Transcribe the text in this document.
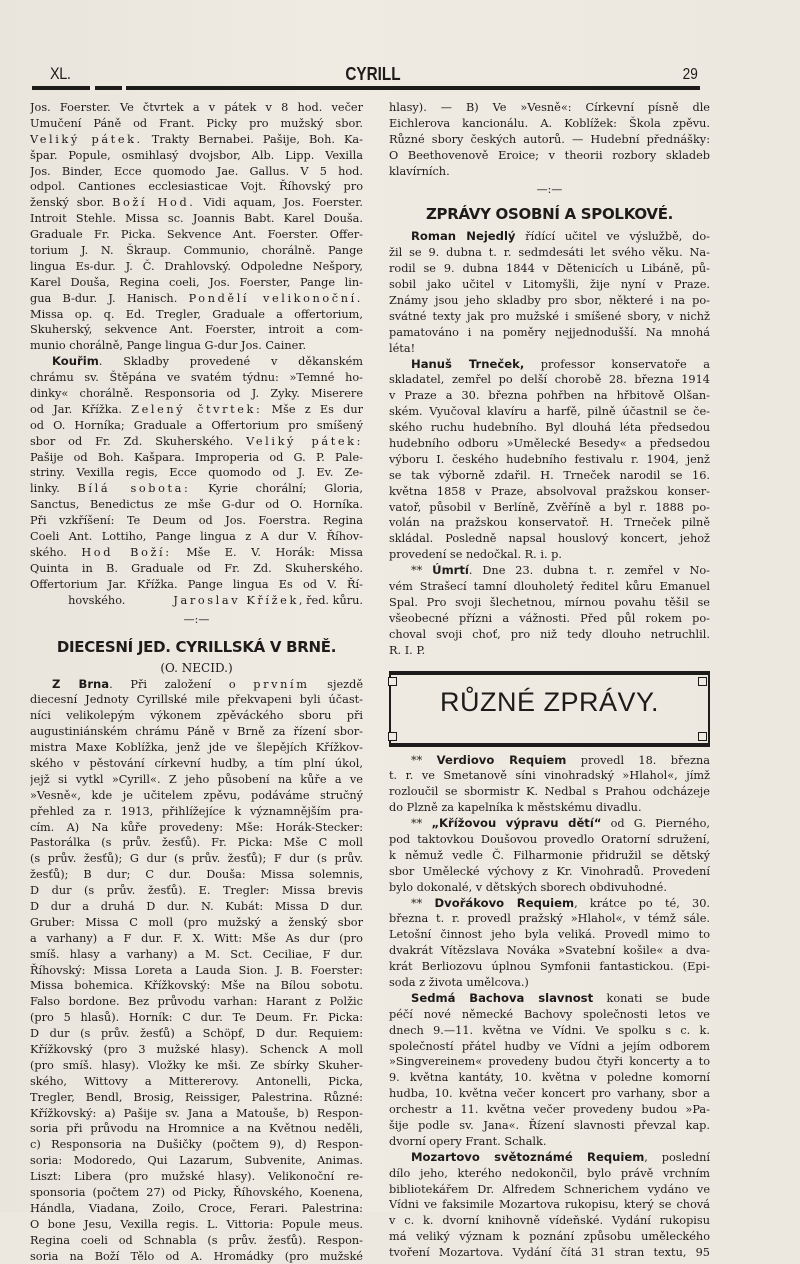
XL.	CYRILL	29
Jos. Foerster. Ve čtvrtek a v pátek v 8 hod. večer
Umučení Páně od Frant. Picky pro mužský sbor.
Veliký pátek. Trakty Bernabei. Pašije, Boh. Ka-
špar. Popule, osmihlasý dvojsbor, Alb. Lipp. Vexilla
Jos. Binder, Ecce quomodo Jae. Gallus. V 5 hod.
odpol. Cantiones ecclesiasticae Vojt. Říhovský pro
ženský sbor. Boží Hod. Vidi aquam, Jos. Foerster.
Introit Stehle. Missa sc. Joannis Babt. Karel Douša.
Graduale Fr. Picka. Sekvence Ant. Foerster. Offer-
torium J. N. Škraup. Communio, chorálně. Pange
lingua Es-dur. J. Č. Drahlovský. Odpoledne Nešpory,
Karel Douša, Regina coeli, Jos. Foerster, Pange lin-
gua B-dur. J. Hanisch. Pondělí velikonoční.
Missa op. q. Ed. Tregler, Graduale a offertorium,
Skuherský, sekvence Ant. Foerster, introit a com-
munio chorálně, Pange lingua G-dur Jos. Cainer.
Kouřim. Skladby provedené v děkanském
chrámu sv. Štěpána ve svatém týdnu: »Temné ho-
dinky« chorálně. Responsoria od J. Zyky. Miserere
od Jar. Křížka. Zelený čtvrtek: Mše z Es dur
od O. Horníka; Graduale a Offertorium pro smíšený
sbor od Fr. Zd. Skuherského. Veliký pátek:
Pašije od Boh. Kašpara. Improperia od G. P. Pale-
striny. Vexilla regis, Ecce quomodo od J. Ev. Ze-
linky. Bílá sobota: Kyrie chorální; Gloria,
Sanctus, Benedictus ze mše G-dur od O. Horníka.
Při vzkříšení: Te Deum od Jos. Foerstra. Regina
Coeli Ant. Lottiho, Pange lingua z A dur V. Říhov-
ského. Hod Boží: Mše E. V. Horák: Missa
Quinta in B. Graduale od Fr. Zd. Skuherského.
Offertorium Jar. Křížka. Pange lingua Es od V. Ří-
hovského.	Jaroslav Křížek, řed. kůru.
—:—
DIECESNÍ JED. CYRILLSKÁ V BRNĚ.
(O. NECID.)
Z Brna. Při založení o prvním sjezdě
diecesní Jednoty Cyrillské mile překvapeni byli účast-
níci velikolepým výkonem zpěváckého sboru při
augustiniánském chrámu Páně v Brně za řízení sbor-
mistra Maxe Koblížka, jenž jde ve šlepějích Křížkov-
ského v pěstování církevní hudby, a tím plní úkol,
jejž si vytkl »Cyrill«. Z jeho působení na kůře a ve
»Vesně«, kde je učitelem zpěvu, podáváme stručný
přehled za r. 1913, přihlížejíce k významnějším pra-
cím. A) Na kůře provedeny: Mše: Horák-Stecker:
Pastorálka (s prův. žesťů). Fr. Picka: Mše C moll
(s prův. žesťů); G dur (s prův. žesťů); F dur (s prův.
žesťů); B dur; C dur. Douša: Missa solemnis,
D dur (s prův. žesťů). E. Tregler: Missa brevis
D dur a druhá D dur. N. Kubát: Missa D dur.
Gruber: Missa C moll (pro mužský a ženský sbor
a varhany) a F dur. F. X. Witt: Mše As dur (pro
smíš. hlasy a varhany) a M. Sct. Ceciliae, F dur.
Říhovský: Missa Loreta a Lauda Sion. J. B. Foerster:
Missa bohemica. Křížkovský: Mše na Bílou sobotu.
Falso bordone. Bez průvodu varhan: Harant z Polžic
(pro 5 hlasů). Horník: C dur. Te Deum. Fr. Picka:
D dur (s prův. žesťů) a Schöpf, D dur. Requiem:
Křížkovský (pro 3 mužské hlasy). Schenck A moll
(pro smíš. hlasy). Vložky ke mši. Ze sbírky Skuher-
ského, Wittovy a Mittererovy. Antonelli, Picka,
Tregler, Bendl, Brosig, Reissiger, Palestrina. Různé:
Křížkovský: a) Pašije sv. Jana a Matouše, b) Respon-
soria při průvodu na Hromnice a na Květnou neděli,
c) Responsoria na Dušičky (počtem 9), d) Respon-
soria: Modoredo, Qui Lazarum, Subvenite, Animas.
Liszt: Libera (pro mužské hlasy). Velikonoční re-
sponsoria (počtem 27) od Picky, Říhovského, Koenena,
Hándla, Viadana, Zoilo, Croce, Ferari. Palestrina:
O bone Jesu, Vexilla regis. L. Vittoria: Popule meus.
Regina coeli od Schnabla (s prův. žesťů). Respon-
soria na Boží Tělo od A. Hromádky (pro mužské
hlasy). — B) Ve »Vesně«: Církevní písně dle
Eichlerova kancionálu. A. Koblížek: Škola zpěvu.
Různé sbory českých autorů. — Hudební přednášky:
O Beethovenově Eroice; v theorii rozbory skladeb
klavírních.
—:—
ZPRÁVY OSOBNÍ A SPOLKOVÉ.
Roman Nejedlý řídící učitel ve výslužbě, do-
žil se 9. dubna t. r. sedmdesáti let svého věku. Na-
rodil se 9. dubna 1844 v Dětenicích u Libáně, pů-
sobil jako učitel v Litomyšli, žije nyní v Praze.
Známy jsou jeho skladby pro sbor, některé i na po-
svátné texty jak pro mužské i smíšené sbory, v nichž
pamatováno i na poměry nejjednodušší. Na mnohá
léta!
Hanuš Trneček, professor konservatoře a
skladatel, zemřel po delší chorobě 28. března 1914
v Praze a 30. března pohřben na hřbitově Olšan-
ském. Vyučoval klavíru a harfě, pilně účastnil se če-
ského ruchu hudebního. Byl dlouhá léta předsedou
hudebního odboru »Umělecké Besedy« a předsedou
výboru I. českého hudebního festivalu r. 1904, jenž
se tak výborně zdařil. H. Trneček narodil se 16.
května 1858 v Praze, absolvoval pražskou konser-
vatoř, působil v Berlíně, Zvěříně a byl r. 1888 po-
volán na pražskou konservatoř. H. Trneček pilně
skládal. Posledně napsal houslový koncert, jehož
provedení se nedočkal. R. i. p.
** Úmrtí. Dne 23. dubna t. r. zemřel v No-
vém Strašecí tamní dlouholetý ředitel kůru Emanuel
Spal. Pro svoji šlechetnou, mírnou povahu těšil se
všeobecné přízni a vážnosti. Před půl rokem po-
choval svoji choť, pro niž tedy dlouho netruchlil.
R. I. P.
RŮZNÉ ZPRÁVY.
** Verdiovo Requiem provedl 18. března
t. r. ve Smetanově síni vinohradský »Hlahol«, jímž
rozloučil se sbormistr K. Nedbal s Prahou odcházeje
do Plzně za kapelníka k městskému divadlu.
** „Křížovou výpravu dětí“ od G. Pierného,
pod taktovkou Doušovou provedlo Oratorní sdružení,
k němuž vedle Č. Filharmonie přidružil se dětský
sbor Umělecké výchovy z Kr. Vinohradů. Provedení
bylo dokonalé, v dětských sborech obdivuhodné.
** Dvořákovo Requiem, krátce po té, 30.
března t. r. provedl pražský »Hlahol«, v témž sále.
Letošní činnost jeho byla veliká. Provedl mimo to
dvakrát Vítězslava Nováka »Svatební košile« a dva-
krát Berliozovu úplnou Symfonii fantastickou. (Epi-
soda z života umělcova.)
Sedmá Bachova slavnost konati se bude
péčí nové německé Bachovy společnosti letos ve
dnech 9.—11. května ve Vídni. Ve spolku s c. k.
společností přátel hudby ve Vídni a jejím odborem
»Singvereinem« provedeny budou čtyři koncerty a to
9. května kantáty, 10. května v poledne komorní
hudba, 10. května večer koncert pro varhany, sbor a
orchestr a 11. května večer provedeny budou »Pa-
šije podle sv. Jana«. Řízení slavnosti převzal kap.
dvorní opery Frant. Schalk.
Mozartovo světoznámé Requiem, poslední
dílo jeho, kterého nedokončil, bylo právě vrchním
bibliotekářem Dr. Alfredem Schnerichem vydáno ve
Vídni ve faksimile Mozartova rukopisu, který se chová
v c. k. dvorní knihovně vídeňské. Vydání rukopisu
má veliký význam k poznání způsobu uměleckého
tvoření Mozartova. Vydání čítá 31 stran textu, 95
